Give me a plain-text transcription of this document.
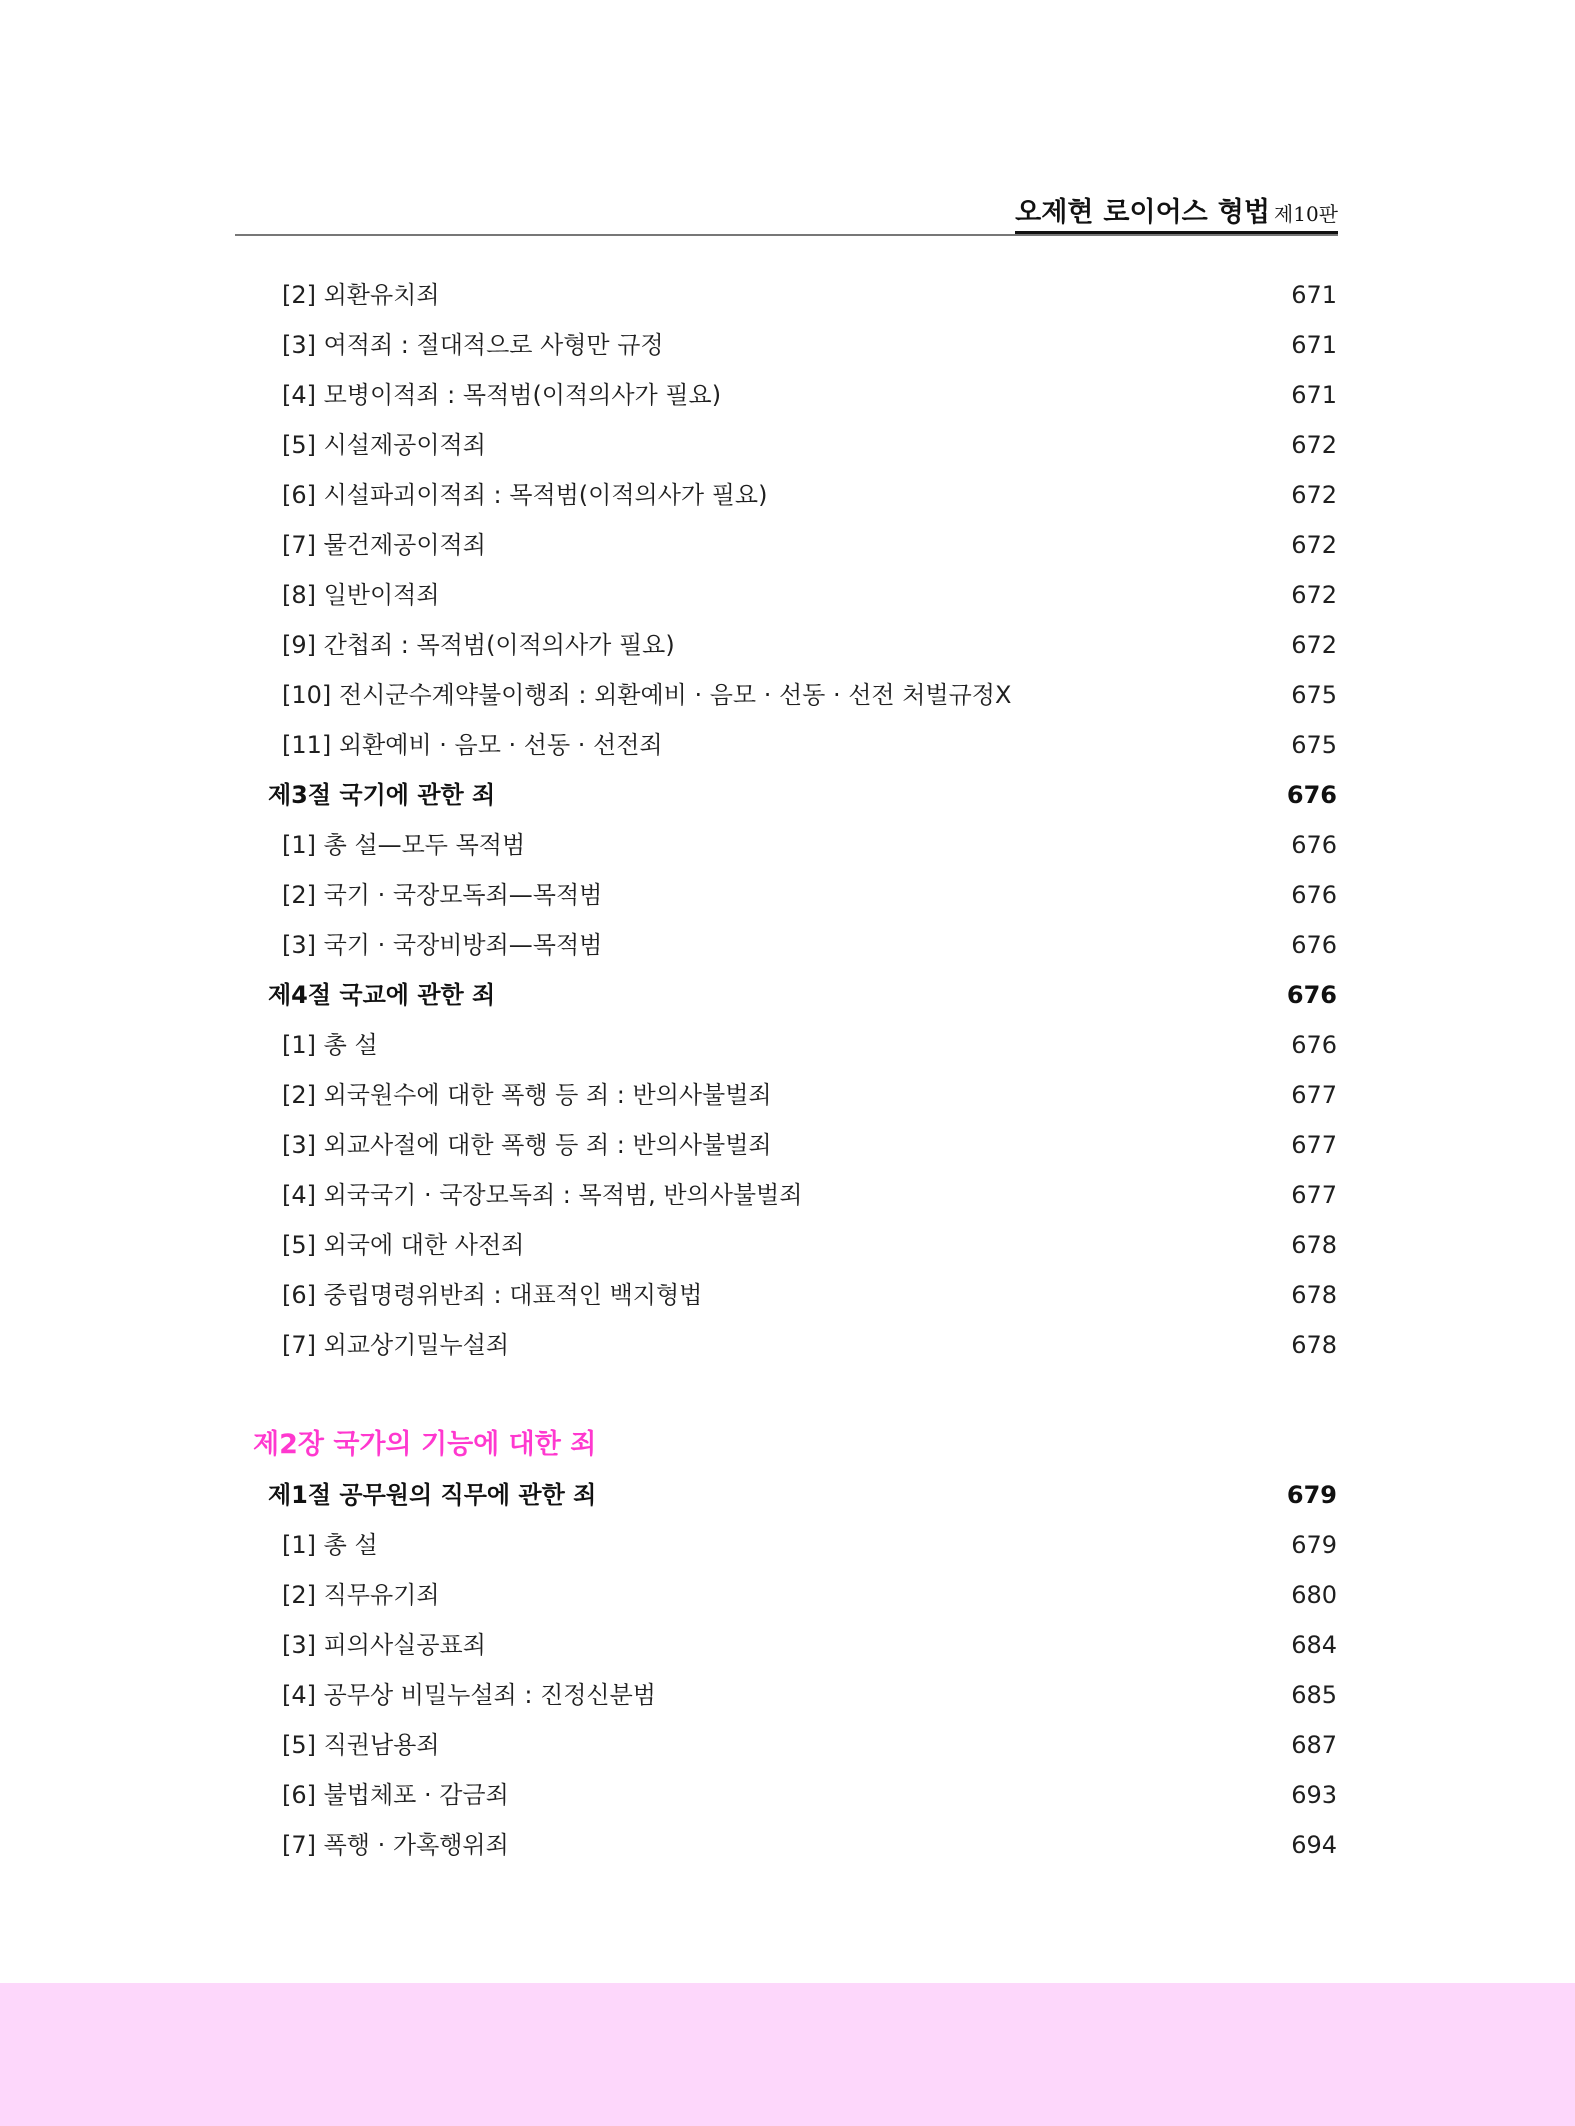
오제현 로이어스 형법 제10판
[2] 외환유치죄	671
[3] 여적죄 : 절대적으로 사형만 규정	671
[4] 모병이적죄 : 목적범(이적의사가 필요)	671
[5] 시설제공이적죄	672
[6] 시설파괴이적죄 : 목적범(이적의사가 필요)	672
[7] 물건제공이적죄	672
[8] 일반이적죄	672
[9] 간첩죄 : 목적범(이적의사가 필요)	672
[10] 전시군수계약불이행죄 : 외환예비 · 음모 · 선동 · 선전 처벌규정X	675
[11] 외환예비 · 음모 · 선동 · 선전죄	675
제3절 국기에 관한 죄	676
[1] 총 설—모두 목적범	676
[2] 국기 · 국장모독죄—목적범	676
[3] 국기 · 국장비방죄—목적범	676
제4절 국교에 관한 죄	676
[1] 총 설	676
[2] 외국원수에 대한 폭행 등 죄 : 반의사불벌죄	677
[3] 외교사절에 대한 폭행 등 죄 : 반의사불벌죄	677
[4] 외국국기 · 국장모독죄 : 목적범, 반의사불벌죄	677
[5] 외국에 대한 사전죄	678
[6] 중립명령위반죄 : 대표적인 백지형법	678
[7] 외교상기밀누설죄	678
제2장 국가의 기능에 대한 죄
제1절 공무원의 직무에 관한 죄	679
[1] 총 설	679
[2] 직무유기죄	680
[3] 피의사실공표죄	684
[4] 공무상 비밀누설죄 : 진정신분범	685
[5] 직권남용죄	687
[6] 불법체포 · 감금죄	693
[7] 폭행 · 가혹행위죄	694
